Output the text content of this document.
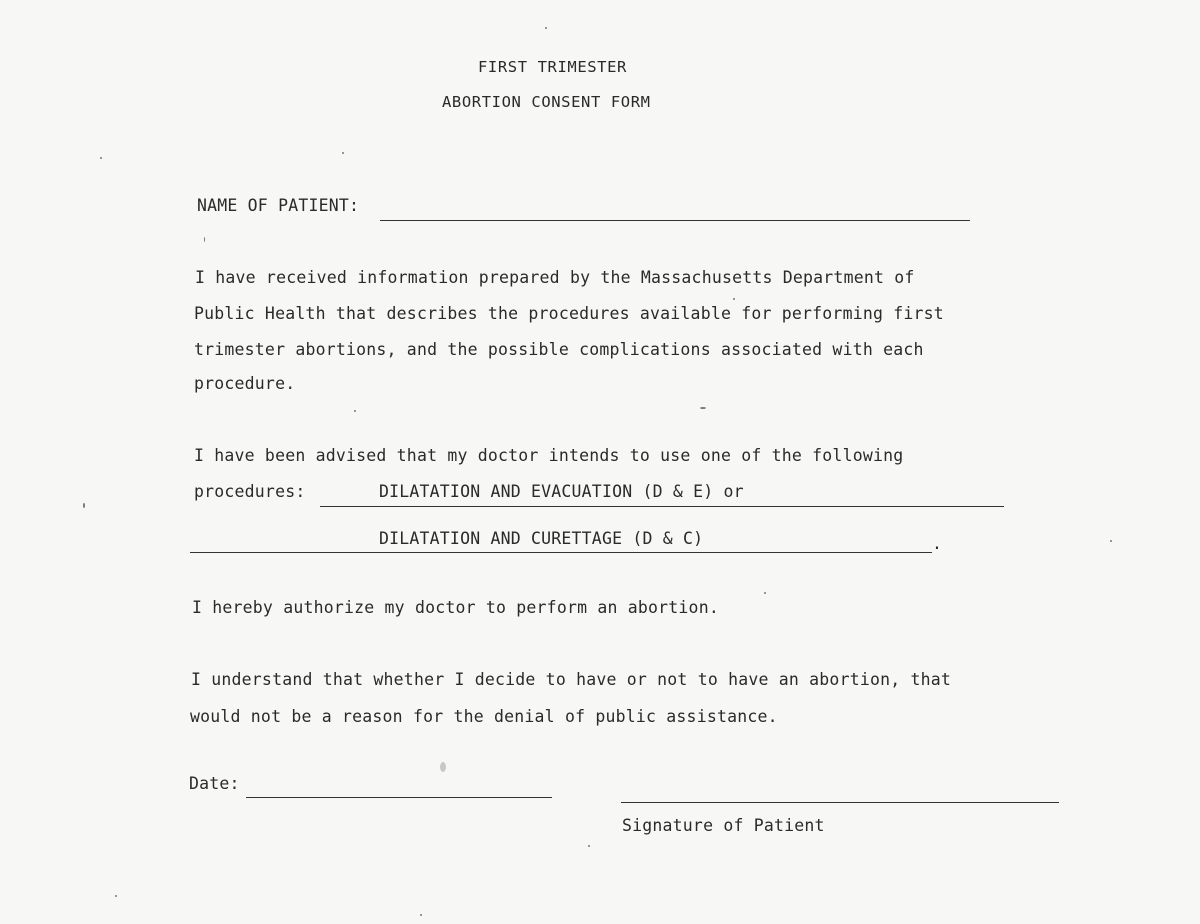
FIRST TRIMESTER
ABORTION CONSENT FORM
NAME OF PATIENT:
I have received information prepared by the Massachusetts Department of
Public Health that describes the procedures available for performing first
trimester abortions, and the possible complications associated with each
procedure.
I have been advised that my doctor intends to use one of the following
procedures:	DILATATION AND EVACUATION (D & E) or
DILATATION AND CURETTAGE (D & C)	.
I hereby authorize my doctor to perform an abortion.
I understand that whether I decide to have or not to have an abortion, that
would not be a reason for the denial of public assistance.
Date:
Signature of Patient
